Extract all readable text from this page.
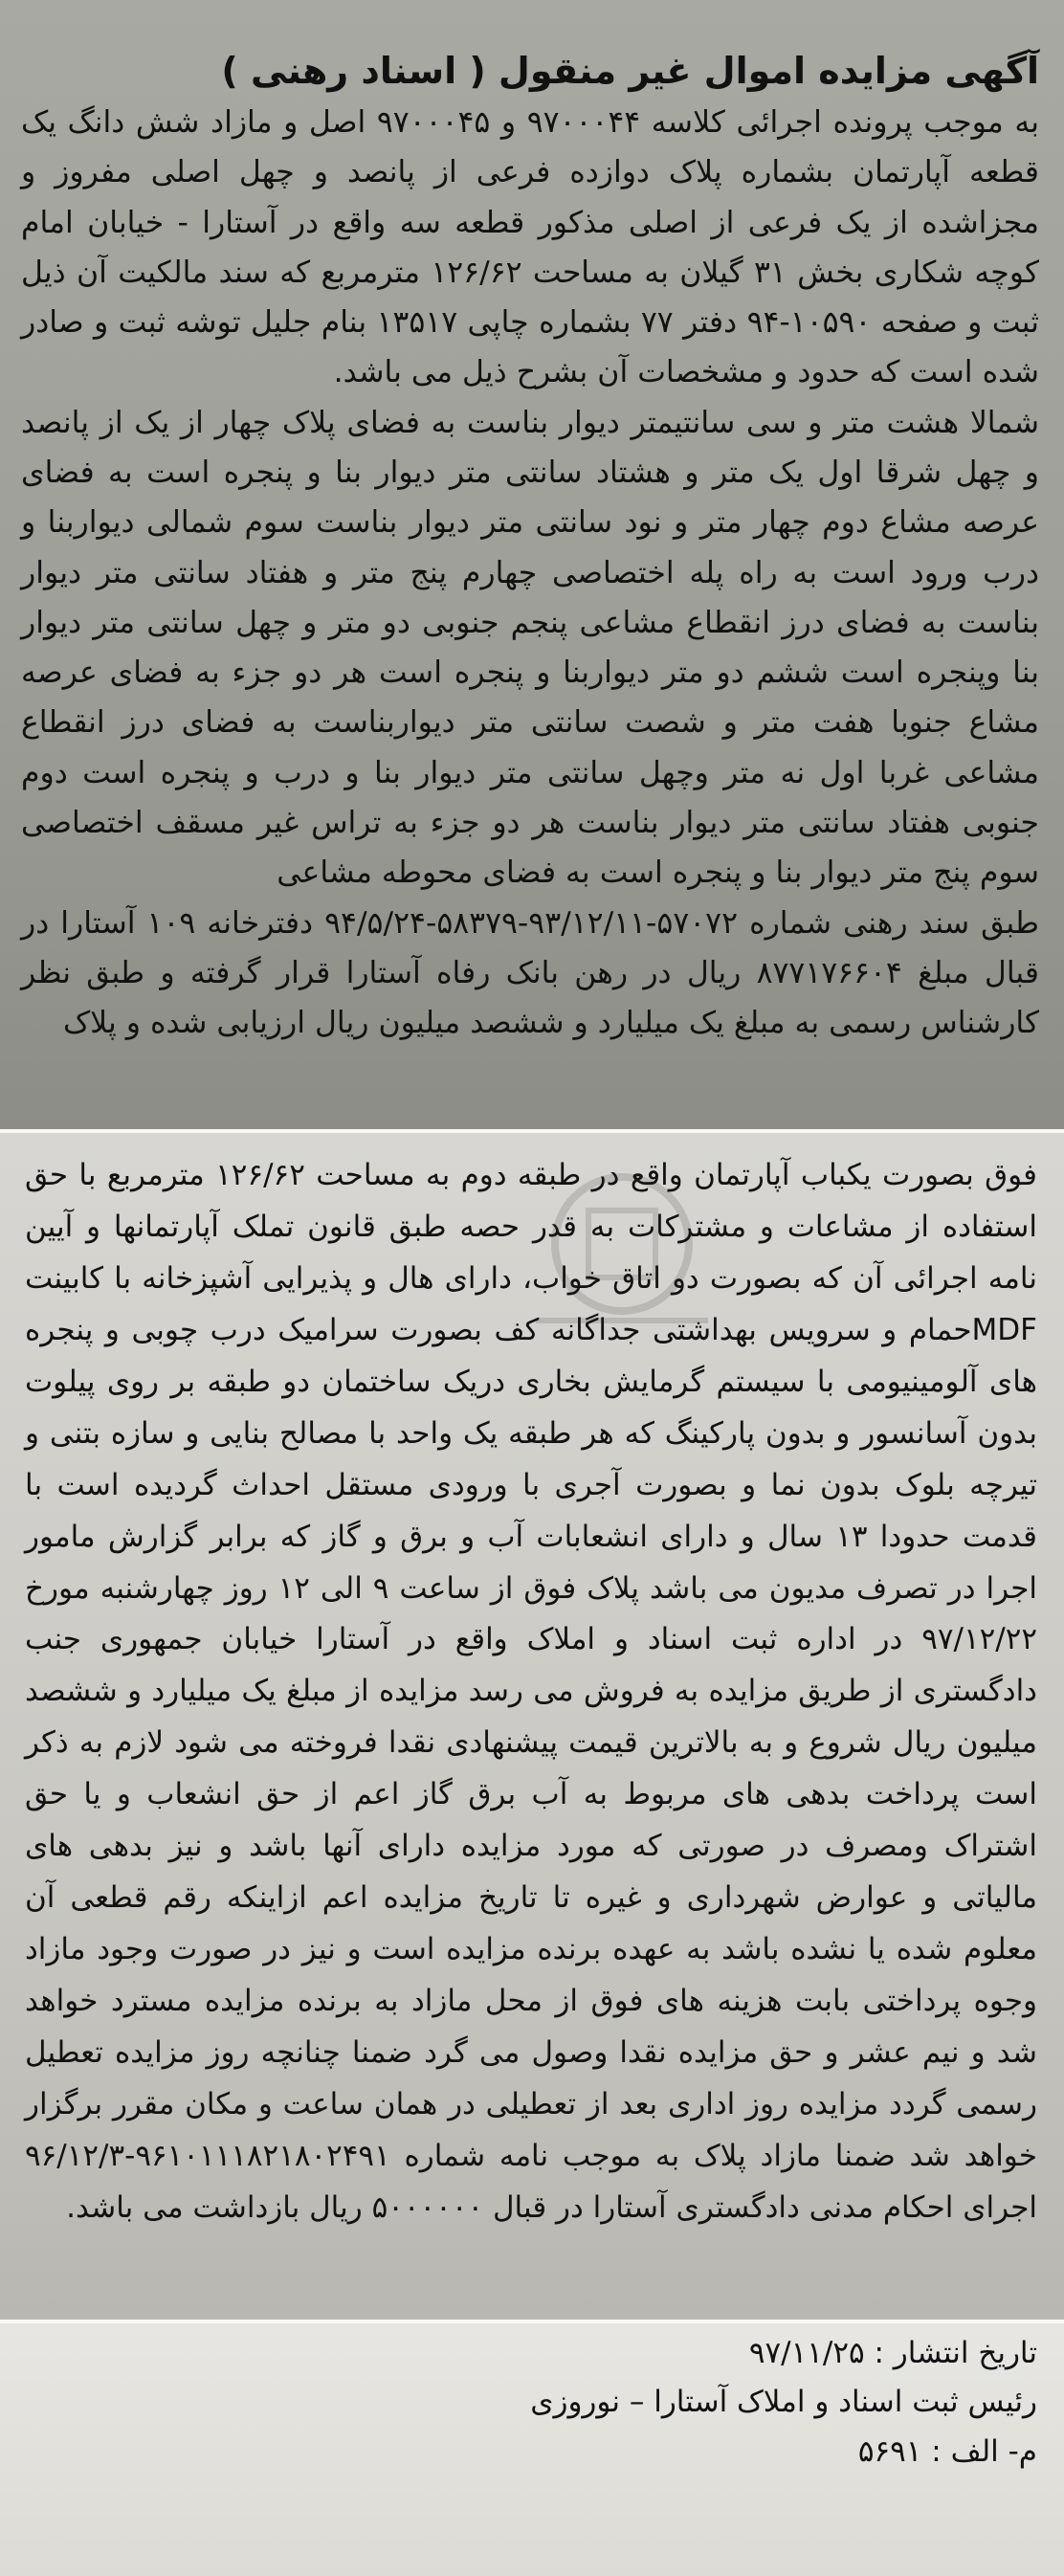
آگهی مزایده اموال غیر منقول ( اسناد رهنی )

به موجب پرونده اجرائی کلاسه ۹۷۰۰۰۴۴ و ۹۷۰۰۰۴۵ اصل و مازاد شش دانگ یک قطعه آپارتمان بشماره پلاک دوازده فرعی از پانصد و چهل اصلی مفروز و مجزاشده از یک فرعی از اصلی مذکور قطعه سه واقع در آستارا - خیابان امام کوچه شکاری بخش ۳۱ گیلان به مساحت ۱۲۶/۶۲ مترمربع که سند مالکیت آن ذیل ثبت و صفحه ۱۰۵۹۰-۹۴ دفتر ۷۷ بشماره چاپی ۱۳۵۱۷ بنام جلیل توشه ثبت و صادر شده است که حدود و مشخصات آن بشرح ذیل می باشد.

شمالا هشت متر و سی سانتیمتر دیوار بناست به فضای پلاک چهار از یک از پانصد و چهل شرقا اول یک متر و هشتاد سانتی متر دیوار بنا و پنجره است به فضای عرصه مشاع دوم چهار متر و نود سانتی متر دیوار بناست سوم شمالی دیواربنا و درب ورود است به راه پله اختصاصی چهارم پنج متر و هفتاد سانتی متر دیوار بناست به فضای درز انقطاع مشاعی پنجم جنوبی دو متر و چهل سانتی متر دیوار بنا وپنجره است ششم دو متر دیواربنا و پنجره است هر دو جزء به فضای عرصه مشاع جنوبا هفت متر و شصت سانتی متر دیواربناست به فضای درز انقطاع مشاعی غربا اول نه متر وچهل سانتی متر دیوار بنا و درب و پنجره است دوم جنوبی هفتاد سانتی متر دیوار بناست هر دو جزء به تراس غیر مسقف اختصاصی سوم پنج متر دیوار بنا و پنجره است به فضای محوطه مشاعی

طبق سند رهنی شماره ۵۷۰۷۲-۹۳/۱۲/۱۱-۵۸۳۷۹-۹۴/۵/۲۴ دفترخانه ۱۰۹ آستارا در قبال مبلغ ۸۷۷۱۷۶۶۰۴ ریال در رهن بانک رفاه آستارا قرار گرفته و طبق نظر کارشناس رسمی به مبلغ یک میلیارد و ششصد میلیون ریال ارزیابی شده و پلاک

فوق بصورت یکباب آپارتمان واقع در طبقه دوم به مساحت ۱۲۶/۶۲ مترمربع با حق استفاده از مشاعات و مشترکات به قدر حصه طبق قانون تملک آپارتمانها و آیین نامه اجرائی آن که بصورت دو اتاق خواب، دارای هال و پذیرایی آشپزخانه با کابینت MDFحمام و سرویس بهداشتی جداگانه کف بصورت سرامیک درب چوبی و پنجره های آلومینیومی با سیستم گرمایش بخاری دریک ساختمان دو طبقه بر روی پیلوت بدون آسانسور و بدون پارکینگ که هر طبقه یک واحد با مصالح بنایی و سازه بتنی و تیرچه بلوک بدون نما و بصورت آجری با ورودی مستقل احداث گردیده است با قدمت حدودا ۱۳ سال و دارای انشعابات آب و برق و گاز که برابر گزارش مامور اجرا در تصرف مدیون می باشد پلاک فوق از ساعت ۹ الی ۱۲ روز چهارشنبه مورخ ۹۷/۱۲/۲۲ در اداره ثبت اسناد و املاک واقع در آستارا خیابان جمهوری جنب دادگستری از طریق مزایده به فروش می رسد مزایده از مبلغ یک میلیارد و ششصد میلیون ریال شروع و به بالاترین قیمت پیشنهادی نقدا فروخته می شود لازم به ذکر است پرداخت بدهی های مربوط به آب برق گاز اعم از حق انشعاب و یا حق اشتراک ومصرف در صورتی که مورد مزایده دارای آنها باشد و نیز بدهی های مالیاتی و عوارض شهرداری و غیره تا تاریخ مزایده اعم ازاینکه رقم قطعی آن معلوم شده یا نشده باشد به عهده برنده مزایده است و نیز در صورت وجود مازاد وجوه پرداختی بابت هزینه های فوق از محل مازاد به برنده مزایده مسترد خواهد شد و نیم عشر و حق مزایده نقدا وصول می گرد ضمنا چنانچه روز مزایده تعطیل رسمی گردد مزایده روز اداری بعد از تعطیلی در همان ساعت و مکان مقرر برگزار خواهد شد ضمنا مازاد پلاک به موجب نامه شماره ۹۶۱۰۱۱۱۸۲۱۸۰۲۴۹۱-۹۶/۱۲/۳ اجرای احکام مدنی دادگستری آستارا در قبال ۵۰۰۰۰۰۰ ریال بازداشت می باشد.

تاریخ انتشار : ۹۷/۱۱/۲۵

رئیس ثبت اسناد و املاک آستارا – نوروزی

م- الف : ۵۶۹۱
